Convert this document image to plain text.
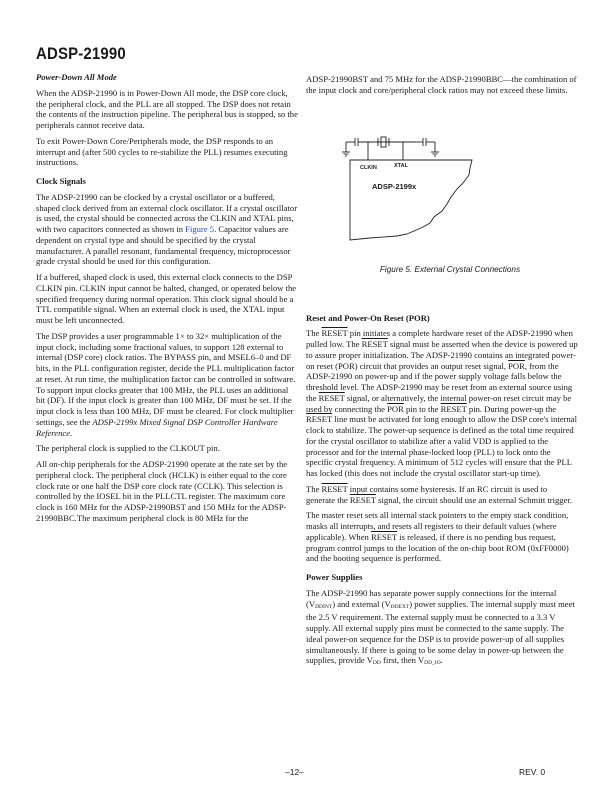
ADSP-21990

Power-Down All Mode

When the ADSP-21990 is in Power-Down All mode, the DSP core clock, the peripheral clock, and the PLL are all stopped. The DSP does not retain the contents of the instruction pipeline. The peripheral bus is stopped, so the peripherals cannot receive data.

To exit Power-Down Core/Peripherals mode, the DSP responds to an interrupt and (after 500 cycles to re-stabilize the PLL) resumes executing instructions.

Clock Signals

The ADSP-21990 can be clocked by a crystal oscillator or a buffered, shaped clock derived from an external clock oscillator. If a crystal oscillator is used, the crystal should be connected across the CLKIN and XTAL pins, with two capacitors connected as shown in Figure 5. Capacitor values are dependent on crystal type and should be specified by the crystal manufacturer. A parallel resonant, fundamental frequency, microprocessor grade crystal should be used for this configuration.

If a buffered, shaped clock is used, this external clock connects to the DSP CLKIN pin. CLKIN input cannot be halted, changed, or operated below the specified frequency during normal operation. This clock signal should be a TTL compatible signal. When an external clock is used, the XTAL input must be left unconnected.

The DSP provides a user programmable 1× to 32× multiplication of the input clock, including some fractional values, to support 128 external to internal (DSP core) clock ratios. The BYPASS pin, and MSEL6–0 and DF bits, in the PLL configuration register, decide the PLL multiplication factor at reset. At run time, the multiplication factor can be controlled in software. To support input clocks greater that 100 MHz, the PLL uses an additional bit (DF). If the input clock is greater than 100 MHz, DF must be set. If the input clock is less than 100 MHz, DF must be cleared. For clock multiplier settings, see the ADSP-2199x Mixed Signal DSP Controller Hardware Reference.

The peripheral clock is supplied to the CLKOUT pin.

All on-chip peripherals for the ADSP-21990 operate at the rate set by the peripheral clock. The peripheral clock (HCLK) is either equal to the core clock rate or one half the DSP core clock rate (CCLK). This selection is controlled by the IOSEL bit in the PLLCTL register. The maximum core clock is 160 MHz for the ADSP-21990BST and 150 MHz for the ADSP-21990BBC.The maximum peripheral clock is 80 MHz for the

CLKIN	XTAL
ADSP-2199x
Figure 5. External Crystal Connections

ADSP-21990BST and 75 MHz for the ADSP-21990BBC—the combination of the input clock and core/peripheral clock ratios may not exceed these limits.

Reset and Power-On Reset (POR)

The RESET pin initiates a complete hardware reset of the ADSP-21990 when pulled low. The RESET signal must be asserted when the device is powered up to assure proper initialization. The ADSP-21990 contains an integrated power-on reset (POR) circuit that provides an output reset signal, $\overline{POR}$, from the ADSP-21990 on power-up and if the power supply voltage falls below the threshold level. The ADSP-21990 may be reset from an external source using the RESET signal, or alternatively, the internal power-on reset circuit may be used by connecting the $\overline{POR}$ pin to the RESET pin. During power-up the RESET line must be activated for long enough to allow the DSP core's internal clock to stabilize. The power-up sequence is defined as the total time required for the crystal oscillator to stabilize after a valid VDD is applied to the processor and for the internal phase-locked loop (PLL) to lock onto the specific crystal frequency. A minimum of 512 cycles will ensure that the PLL has locked (this does not include the crystal oscillator start-up time).

The RESET input contains some hysteresis. If an RC circuit is used to generate the RESET signal, the circuit should use an external Schmitt trigger.

The master reset sets all internal stack pointers to the empty stack condition, masks all interrupts, and resets all registers to their default values (where applicable). When RESET is released, if there is no pending bus request, program control jumps to the location of the on-chip boot ROM (0xFF0000) and the booting sequence is performed.

Power Supplies

The ADSP-21990 has separate power supply connections for the internal (VDDINT) and external (VDDEXT) power supplies. The internal supply must meet the 2.5 V requirement. The external supply must be connected to a 3.3 V supply. All external supply pins must be connected to the same supply. The ideal power-on sequence for the DSP is to provide power-up of all supplies simultaneously. If there is going to be some delay in power-up between the supplies, provide VDD first, then VDD_IO.

–12–	REV. 0
